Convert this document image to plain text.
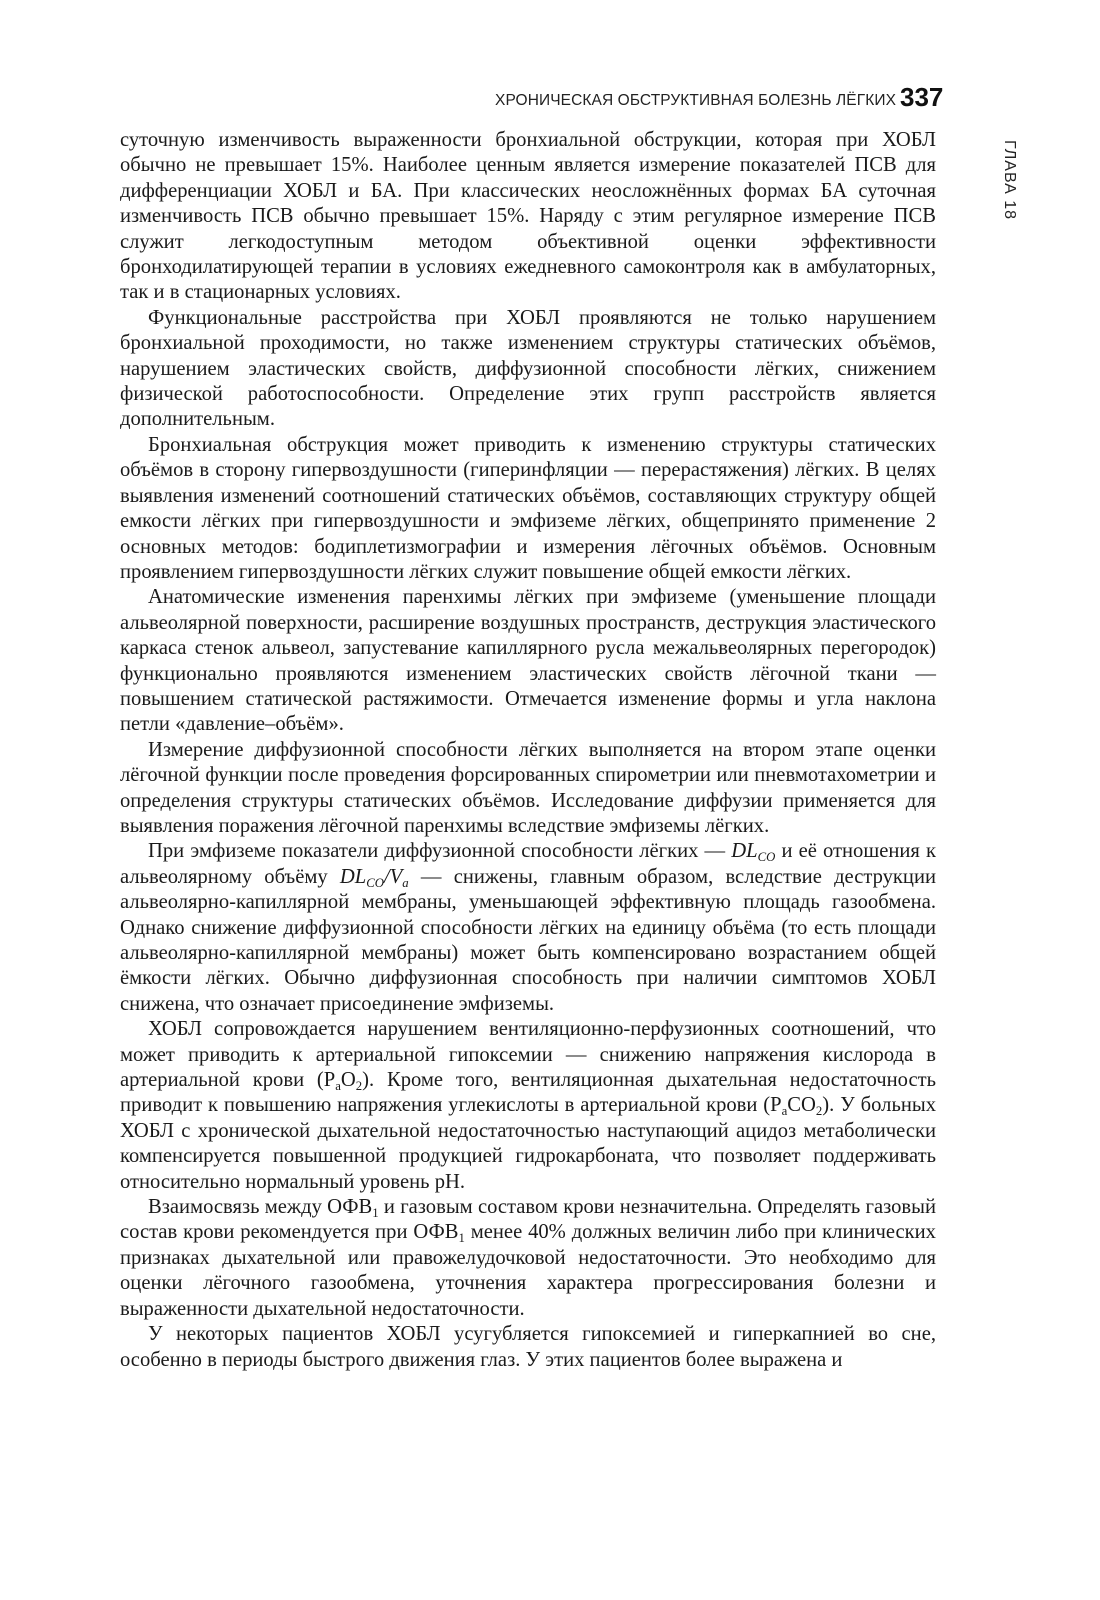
ХРОНИЧЕСКАЯ ОБСТРУКТИВНАЯ БОЛЕЗНЬ ЛЁГКИХ 337
ГЛАВА 18

суточную изменчивость выраженности бронхиальной обструкции, которая при ХОБЛ обычно не превышает 15%. Наиболее ценным является измерение показателей ПСВ для дифференциации ХОБЛ и БА. При классических неосложнённых формах БА суточная изменчивость ПСВ обычно превышает 15%. Наряду с этим регулярное измерение ПСВ служит легкодоступным методом объективной оценки эффективности бронходилатирующей терапии в условиях ежедневного самоконтроля как в амбулаторных, так и в стационарных условиях.

Функциональные расстройства при ХОБЛ проявляются не только нарушением бронхиальной проходимости, но также изменением структуры статических объёмов, нарушением эластических свойств, диффузионной способности лёгких, снижением физической работоспособности. Определение этих групп расстройств является дополнительным.

Бронхиальная обструкция может приводить к изменению структуры статических объёмов в сторону гипервоздушности (гиперинфляции — перерастяжения) лёгких. В целях выявления изменений соотношений статических объёмов, составляющих структуру общей емкости лёгких при гипервоздушности и эмфиземе лёгких, общепринято применение 2 основных методов: бодиплетизмографии и измерения лёгочных объёмов. Основным проявлением гипервоздушности лёгких служит повышение общей емкости лёгких.

Анатомические изменения паренхимы лёгких при эмфиземе (уменьшение площади альвеолярной поверхности, расширение воздушных пространств, деструкция эластического каркаса стенок альвеол, запустевание капиллярного русла межальвеолярных перегородок) функционально проявляются изменением эластических свойств лёгочной ткани — повышением статической растяжимости. Отмечается изменение формы и угла наклона петли «давление–объём».

Измерение диффузионной способности лёгких выполняется на втором этапе оценки лёгочной функции после проведения форсированных спирометрии или пневмотахометрии и определения структуры статических объёмов. Исследование диффузии применяется для выявления поражения лёгочной паренхимы вследствие эмфиземы лёгких.

При эмфиземе показатели диффузионной способности лёгких — $DL_{CO}$ и её отношения к альвеолярному объёму $DL_{CO}/V_a$ — снижены, главным образом, вследствие деструкции альвеолярно-капиллярной мембраны, уменьшающей эффективную площадь газообмена. Однако снижение диффузионной способности лёгких на единицу объёма (то есть площади альвеолярно-капиллярной мембраны) может быть компенсировано возрастанием общей ёмкости лёгких. Обычно диффузионная способность при наличии симптомов ХОБЛ снижена, что означает присоединение эмфиземы.

ХОБЛ сопровождается нарушением вентиляционно-перфузионных соотношений, что может приводить к артериальной гипоксемии — снижению напряжения кислорода в артериальной крови $(P_aO_2)$. Кроме того, вентиляционная дыхательная недостаточность приводит к повышению напряжения углекислоты в артериальной крови $(P_aCO_2)$. У больных ХОБЛ с хронической дыхательной недостаточностью наступающий ацидоз метаболически компенсируется повышенной продукцией гидрокарбоната, что позволяет поддерживать относительно нормальный уровень pH.

Взаимосвязь между $ОФВ_1$ и газовым составом крови незначительна. Определять газовый состав крови рекомендуется при $ОФВ_1$ менее 40% должных величин либо при клинических признаках дыхательной или правожелудочковой недостаточности. Это необходимо для оценки лёгочного газообмена, уточнения характера прогрессирования болезни и выраженности дыхательной недостаточности.

У некоторых пациентов ХОБЛ усугубляется гипоксемией и гиперкапнией во сне, особенно в периоды быстрого движения глаз. У этих пациентов более выражена и
